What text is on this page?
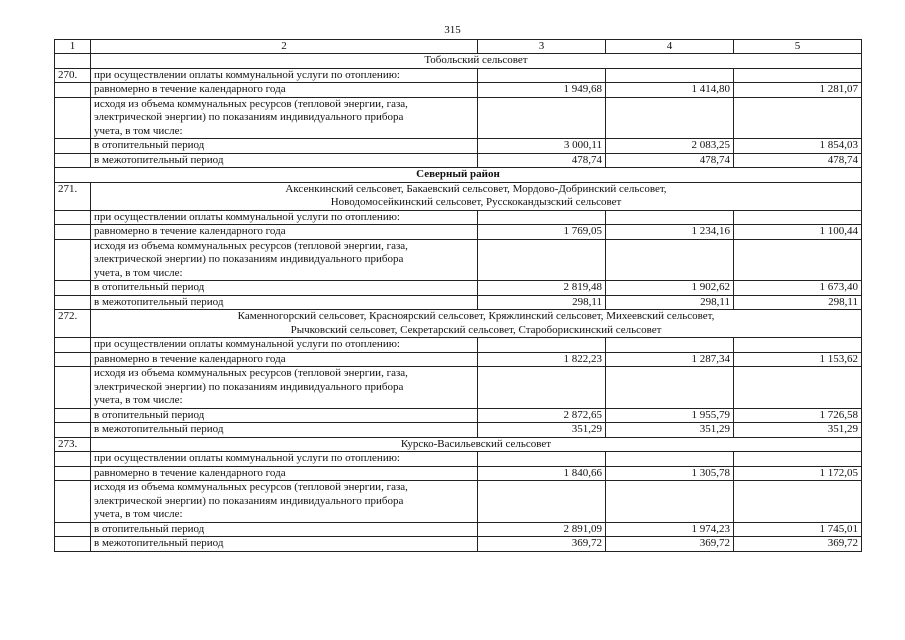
315
1	2	3	4	5
	Тобольский сельсовет			
270.	при осуществлении оплаты коммунальной услуги по отоплению:			
	равномерно в течение календарного года	1 949,68	1 414,80	1 281,07

	исходя из объема коммунальных ресурсов (тепловой энергии, газа,
электрической энергии) по показаниям индивидуального прибора
учета, в том числе:			

	в отопительный период	3 000,11	2 083,25	1 854,03
	в межотопительный период	478,74	478,74	478,74
Северный район				
271.	Аксенкинский сельсовет, Бакаевский сельсовет, Мордово-Добринский сельсовет,
Новодомосейкинский сельсовет, Русскокандызский сельсовет			

	при осуществлении оплаты коммунальной услуги по отоплению:			
	равномерно в течение календарного года	1 769,05	1 234,16	1 100,44

	исходя из объема коммунальных ресурсов (тепловой энергии, газа,
электрической энергии) по показаниям индивидуального прибора
учета, в том числе:			

	в отопительный период	2 819,48	1 902,62	1 673,40
	в межотопительный период	298,11	298,11	298,11
272.	Каменногорский сельсовет, Красноярский сельсовет, Кряжлинский сельсовет, Михеевский сельсовет,
Рычковский сельсовет, Секретарский сельсовет, Староборискинский сельсовет			

	при осуществлении оплаты коммунальной услуги по отоплению:			
	равномерно в течение календарного года	1 822,23	1 287,34	1 153,62

	исходя из объема коммунальных ресурсов (тепловой энергии, газа,
электрической энергии) по показаниям индивидуального прибора
учета, в том числе:			

	в отопительный период	2 872,65	1 955,79	1 726,58
	в межотопительный период	351,29	351,29	351,29
273.	Курско-Васильевский сельсовет			

	при осуществлении оплаты коммунальной услуги по отоплению:			
	равномерно в течение календарного года	1 840,66	1 305,78	1 172,05

	исходя из объема коммунальных ресурсов (тепловой энергии, газа,
электрической энергии) по показаниям индивидуального прибора
учета, в том числе:			

	в отопительный период	2 891,09	1 974,23	1 745,01
	в межотопительный период	369,72	369,72	369,72
